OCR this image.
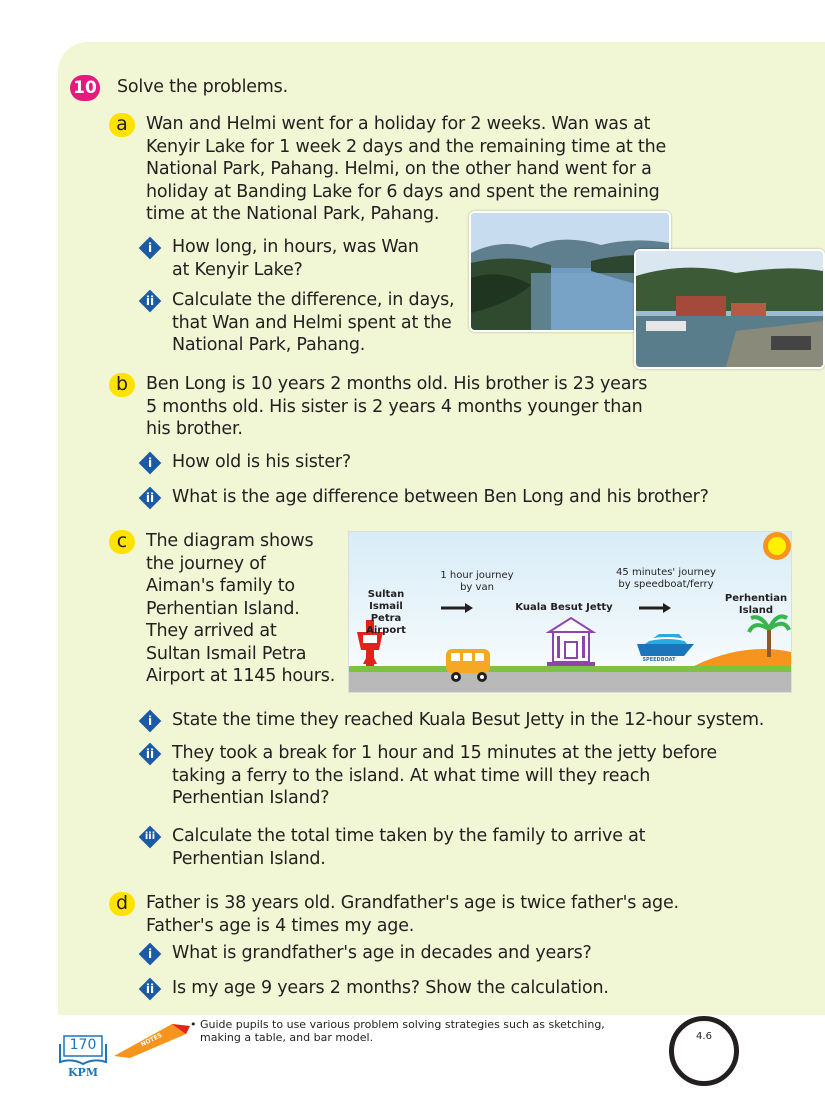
10 Solve the problems.
a	Wan and Helmi went for a holiday for 2 weeks. Wan was at
Kenyir Lake for 1 week 2 days and the remaining time at the
National Park, Pahang. Helmi, on the other hand went for a
holiday at Banding Lake for 6 days and spent the remaining
time at the National Park, Pahang.
i	How long, in hours, was Wan
at Kenyir Lake?
ii	Calculate the difference, in days,
that Wan and Helmi spent at the
National Park, Pahang.
b	Ben Long is 10 years 2 months old. His brother is 23 years
5 months old. His sister is 2 years 4 months younger than
his brother.
i	How old is his sister?
ii	What is the age difference between Ben Long and his brother?
c	The diagram shows
the journey of
Aiman's family to
Perhentian Island.
They arrived at
Sultan Ismail Petra
Airport at 1145 hours.
Sultan Ismail
Petra Airport
1 hour journey
by van
Kuala Besut Jetty
45 minutes' journey
by speedboat/ferry
Perhentian
Island
SPEEDBOAT
i	State the time they reached Kuala Besut Jetty in the 12-hour system.
ii	They took a break for 1 hour and 15 minutes at the jetty before
taking a ferry to the island. At what time will they reach
Perhentian Island?
iii Calculate the total time taken by the family to arrive at
Perhentian Island.
d	Father is 38 years old. Grandfather's age is twice father's age.
Father's age is 4 times my age.
i	What is grandfather's age in decades and years?
ii	Is my age 9 years 2 months? Show the calculation.
170
KPM
TEACHER'S NOTES
• Guide pupils to use various problem solving strategies such as sketching,
making a table, and bar model.	4.6
